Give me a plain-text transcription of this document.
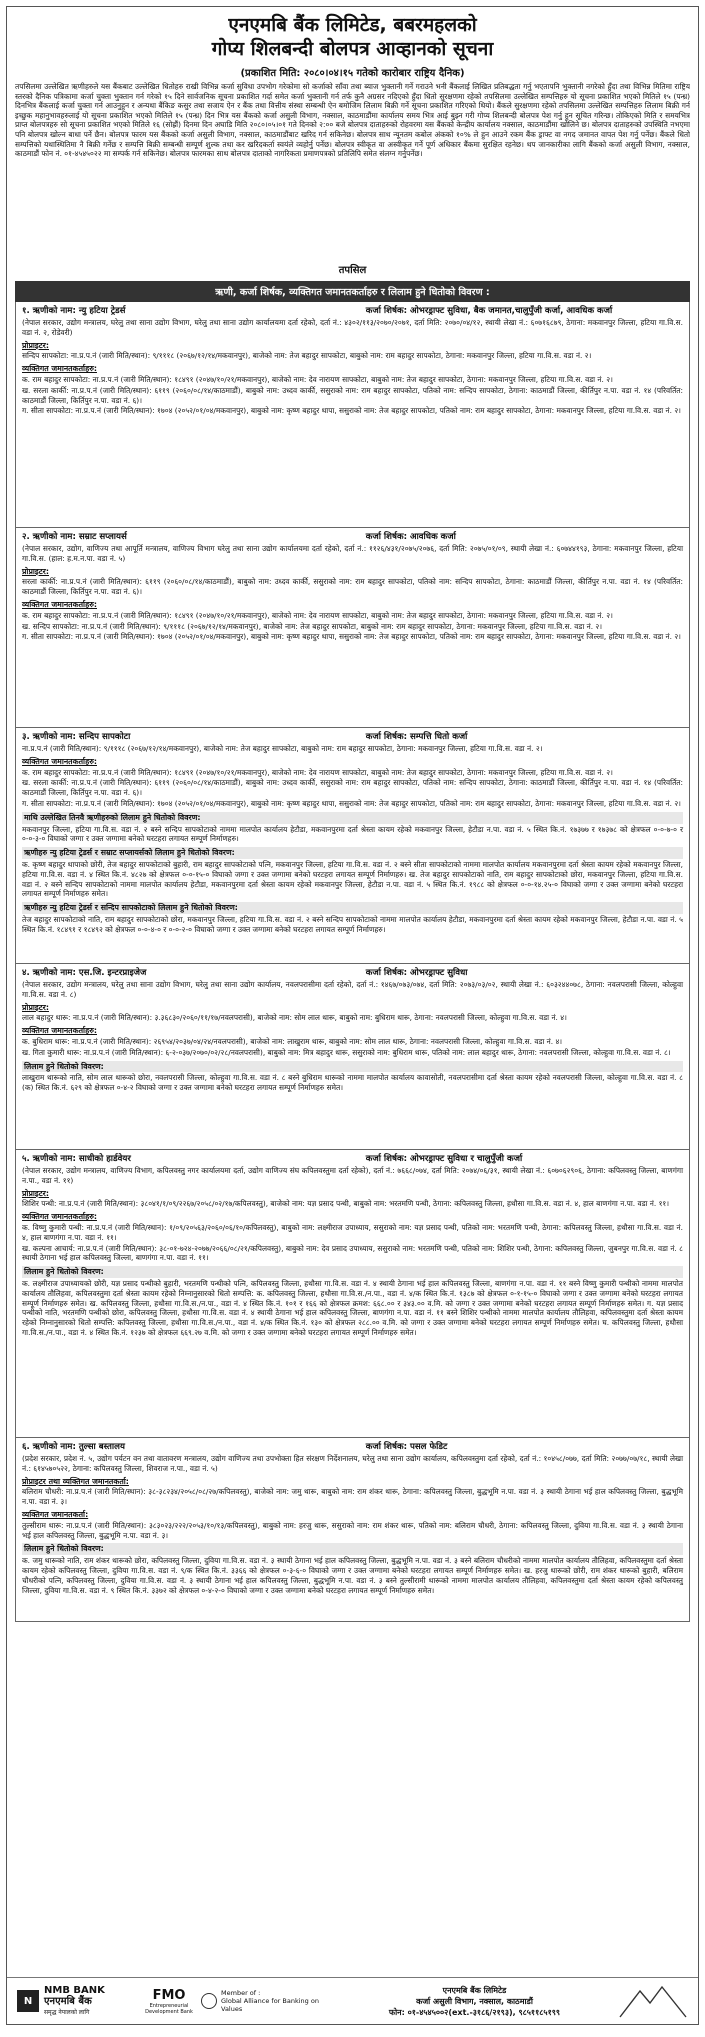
एनएमबि बैंक लिमिटेड, बबरमहलको
गोप्य शिलबन्दी बोलपत्र आव्हानको सूचना
(प्रकाशित मिति: २०८०।०४।१५ गतेको कारोबार राष्ट्रिय दैनिक)
तपसिलमा उल्लेखित ऋणीहरुले यस बैंकबाट उल्लेखित धितोहरु राखी विभिन्न कर्जा सुविधा उपभोग गरेकोमा सो कर्जाको साँवा तथा ब्याज भुक्तानी गर्ने गराउने भनी बैंकलाई लिखित प्रतिबद्धता गर्नु भएतापनि भुक्तानी नगरेको हुँदा तथा विभिन्न मितिमा राष्ट्रिय स्तरको दैनिक पत्रिकामा कर्जा चुक्ता भुक्तान गर्न गरेको १५ दिने सार्वजनिक सूचना प्रकाशित गर्दा समेत कर्जा भुक्तानी गर्न तर्फ कुनै अग्रसर नदिएको हुँदा धितो सुरक्षणमा रहेको तपसिलमा उल्लेखित सम्पत्तिहरु यो सूचना प्रकाशित भएको मितिले १५ (पन्ध्र) दिनभित्र बैंकलाई कर्जा चुक्ता गर्न आउनुहुन र अन्यथा बैंकिङ कसुर तथा सजाय ऐन र बैंक तथा वित्तीय संस्था सम्बन्धी ऐन बमोजिम लिलाम बिक्री गर्ने सूचना प्रकाशित गरिएको थियो। बैंकले सुरक्षणमा रहेको तपसिलमा उल्लेखित सम्पत्तिहरु लिलाम बिक्री गर्न इच्छुक महानुभावहरुलाई यो सूचना प्रकाशित भएको मितिले १५ (पन्ध्र) दिन भित्र यस बैंकको कर्जा असुली विभाग, नक्साल, काठमाडौंमा कार्यालय समय भित्र आई बुझ्न गरी गोप्य शिलबन्दी बोलपत्र पेश गर्नु हुन सूचित गरिन्छ। तोकिएको मिति र समयभित्र प्राप्त बोलपत्रहरु सो सूचना प्रकाशित भएको मितिले १६ (सोह्रौं) दिनमा दिन अघाडि मिति २०८०।०५।०१ गते दिनको २:०० बजे बोलपत्र दाताहरुको रोहवरमा यस बैंकको केन्द्रीय कार्यालय नक्साल, काठमाडौंमा खोलिने छ। बोलपत्र दाताहरुको उपस्थिति नभएमा पनि बोलपत्र खोल्न बाधा पर्ने छैन। बोलपत्र फारम यस बैंकको कर्जा असुली विभाग, नक्साल, काठमाडौंबाट खरिद गर्न सकिनेछ। बोलपत्र साथ न्यूनतम कबोल अंकको १०% ले हुन आउने रकम बैंक ड्राफ्ट वा नगद जमानत वापत पेश गर्नु पर्नेछ। बैंकले धितो सम्पत्तिको यथास्थितिमा नै बिक्री गर्नेछ र सम्पत्ति बिक्री सम्बन्धी सम्पूर्ण शुल्क तथा कर खरिदकर्ता स्वयंले व्यहोर्नु पर्नेछ। बोलपत्र स्वीकृत वा अस्वीकृत गर्ने पूर्ण अधिकार बैंकमा सुरक्षित रहनेछ। थप जानकारीका लागि बैंकको कर्जा असुली विभाग, नक्साल, काठमाडौं फोन नं. ०१-४५४५०२२ मा सम्पर्क गर्न सकिनेछ। बोलपत्र फारमका साथ बोलपत्र दाताको नागरिकता प्रमाणपत्रको प्रतिलिपि समेत संलग्न गर्नुपर्नेछ।
तपसिल
ऋणी, कर्जा शिर्षक, व्यक्तिगत जमानतकर्ताहरु र लिलाम हुने धितोको विवरण :
१. ऋणीको नाम: न्यु हटिया ट्रेडर्स	कर्जा शिर्षक: ओभरड्राफ्ट सुविधा, बैक जमानत,चालुपुँजी कर्जा, आवधिक कर्जा

(नेपाल सरकार, उद्योग मन्त्रालय, घरेलु तथा साना उद्योग विभाग, घरेलु तथा साना उद्योग कार्यालयमा दर्ता रहेको, दर्ता नं.: ४३०२/११३/२०७०/२०७१, दर्ता मिति: २०७०/०४/१२, स्थायी लेखा नं.: ६०७१६८७९, ठेगाना: मकवानपुर जिल्ला, हटिया गा.वि.स. वडा नं. २, रोडेवरी)

प्रोप्राइटर:

सन्दिप सापकोटा: ना.प्र.प.नं (जारी मिति/स्थान): ९/१११८ (२०६७/१२/१४/मकवानपुर), बाजेको नाम: तेज बहादुर सापकोटा, बाबुको नाम: राम बहादुर सापकोटा, ठेगाना: मकवानपुर जिल्ला, हटिया गा.वि.स. वडा नं. २।

व्यक्तिगत जमानतकर्ताहरु:

क. राम बहादुर सापकोटा: ना.प्र.प.नं (जारी मिति/स्थान): १८४९१ (२०४७/१०/२१/मकवानपुर), बाजेको नाम: देव नारायण सापकोटा, बाबुको नाम: तेज बहादुर सापकोटा, ठेगाना: मकवानपुर जिल्ला, हटिया गा.वि.स. वडा नं. २।

ख. सरला कार्की: ना.प्र.प.नं (जारी मिति/स्थान): ६११९ (२०६०/०८/१४/काठमाडौं), बाबुको नाम: उध्दव कार्की, ससुराको नाम: राम बहादुर सापकोटा, पतिको नाम: सन्दिप सापकोटा, ठेगाना: काठमाडौं जिल्ला, कीर्तिपुर न.पा. वडा नं. १४ (परिवर्तित: काठमाडौं जिल्ला, किर्तिपुर न.पा. वडा नं. ६)।

ग. सीता सापकोटा: ना.प्र.प.नं (जारी मिति/स्थान): १७०४ (२०५२/०१/०४/मकवानपुर), बाबुको नाम: कृष्ण बहादुर थापा, ससुराको नाम: तेज बहादुर सापकोटा, पतिको नाम: राम बहादुर सापकोटा, ठेगाना: मकवानपुर जिल्ला, हटिया गा.वि.स. वडा नं. २।

२. ऋणीको नाम: सम्राट सप्लायर्स	कर्जा शिर्षक: आवधिक कर्जा

(नेपाल सरकार, उद्योग, वाणिज्य तथा आपूर्ति मन्त्रालय, वाणिज्य विभाग घरेलु तथा साना उद्योग कार्यालयमा दर्ता रहेको, दर्ता नं.: ११२६/४३१/२०७५/२०७६, दर्ता मिति: २०७५/०१/०९, स्थायी लेखा नं.: ६०७४४१९३, ठेगाना: मकवानपुर जिल्ला, हटिया गा.वि.स. (हाल: ह.म.न.पा. वडा नं. ५)

प्रोप्राइटर:

सरला कार्की: ना.प्र.प.नं (जारी मिति/स्थान): ६११९ (२०६०/०८/१४/काठमाडौं), बाबुको नाम: उध्दव कार्की, ससुराको नाम: राम बहादुर सापकोटा, पतिको नाम: सन्दिप सापकोटा, ठेगाना: काठमाडौं जिल्ला, कीर्तिपुर न.पा. वडा नं. १४ (परिवर्तित: काठमाडौं जिल्ला, किर्तिपुर न.पा. वडा नं. ६)।

व्यक्तिगत जमानतकर्ताहरु:

क. राम बहादुर सापकोटा: ना.प्र.प.नं (जारी मिति/स्थान): १८४९१ (२०४७/१०/२१/मकवानपुर), बाजेको नाम: देव नारायण सापकोटा, बाबुको नाम: तेज बहादुर सापकोटा, ठेगाना: मकवानपुर जिल्ला, हटिया गा.वि.स. वडा नं. २।

ख. सन्दिप सापकोटा: ना.प्र.प.नं (जारी मिति/स्थान): ९/१११८ (२०६७/१२/१४/मकवानपुर), बाजेको नाम: तेज बहादुर सापकोटा, बाबुको नाम: राम बहादुर सापकोटा, ठेगाना: मकवानपुर जिल्ला, हटिया गा.वि.स. वडा नं. २।

ग. सीता सापकोटा: ना.प्र.प.नं (जारी मिति/स्थान): १७०४ (२०५२/०१/०४/मकवानपुर), बाबुको नाम: कृष्ण बहादुर थापा, ससुराको नाम: तेज बहादुर सापकोटा, पतिको नाम: राम बहादुर सापकोटा, ठेगाना: मकवानपुर जिल्ला, हटिया गा.वि.स. वडा नं. २।

३. ऋणीको नाम: सन्दिप सापकोटा	कर्जा शिर्षक: सम्पत्ति धितो कर्जा

ना.प्र.प.नं (जारी मिति/स्थान): ९/१११८ (२०६७/१२/१४/मकवानपुर), बाजेको नाम: तेज बहादुर सापकोटा, बाबुको नाम: राम बहादुर सापकोटा, ठेगाना: मकवानपुर जिल्ला, हटिया गा.वि.स. वडा नं. २।

व्यक्तिगत जमानतकर्ताहरु:

क. राम बहादुर सापकोटा: ना.प्र.प.नं (जारी मिति/स्थान): १८४९१ (२०४७/१०/२१/मकवानपुर), बाजेको नाम: देव नारायण सापकोटा, बाबुको नाम: तेज बहादुर सापकोटा, ठेगाना: मकवानपुर जिल्ला, हटिया गा.वि.स. वडा नं. २।

ख. सरला कार्की: ना.प्र.प.नं (जारी मिति/स्थान): ६११९ (२०६०/०८/१४/काठमाडौं), बाबुको नाम: उध्दव कार्की, ससुराको नाम: राम बहादुर सापकोटा, पतिको नाम: सन्दिप सापकोटा, ठेगाना: काठमाडौं जिल्ला, कीर्तिपुर न.पा. वडा नं. १४ (परिवर्तित: काठमाडौं जिल्ला, किर्तिपुर न.पा. वडा नं. ६)।

ग. सीता सापकोटा: ना.प्र.प.नं (जारी मिति/स्थान): १७०४ (२०५२/०१/०४/मकवानपुर), बाबुको नाम: कृष्ण बहादुर थापा, ससुराको नाम: तेज बहादुर सापकोटा, पतिको नाम: राम बहादुर सापकोटा, ठेगाना: मकवानपुर जिल्ला, हटिया गा.वि.स. वडा नं. २।

माथि उल्लेखित तिनवै ऋणीहरुको लिलाम हुने धितोको विवरण:

मकवानपुर जिल्ला, हटिया गा.वि.स. वडा नं. २ बस्ने सन्दिप सापकोटाको नाममा मालपोत कार्यालय हेटौडा, मकवानपुरमा दर्ता श्रेस्ता कायम रहेको मकवानपुर जिल्ला, हेटौडा न.पा. वडा नं. ५ स्थित कि.नं. १७३७७ र १७३७८ को क्षेत्रफल ०-०-७-० र ०-०-३-० विघाको जग्गा र उक्त जग्गामा बनेको घरटहरा लगायत सम्पूर्ण निर्माणहरु।

ऋणीहरु न्यु हटिया ट्रेडर्स र सम्राट सप्लायर्सको लिलाम हुने धितोको विवरण:

क. कृष्ण बहादुर थापाको छोरी, तेज बहादुर सापकोटाको बुहारी, राम बहादुर सापकोटाको पत्नि, मकवानपुर जिल्ला, हटिया गा.वि.स. वडा नं. २ बस्ने सीता सापकोटाको नाममा मालपोत कार्यालय मकवानपुरमा दर्ता श्रेस्ता कायम रहेको मकवानपुर जिल्ला, हटिया गा.वि.स. वडा नं. ४ स्थित कि.नं. ४८२७ को क्षेत्रफल ०-०-१५-० विघाको जग्गा र उक्त जग्गामा बनेको घरटहरा लगायत सम्पूर्ण निर्माणहरु। ख. तेज बहादुर सापकोटाको नाति, राम बहादुर सापकोटाको छोरा, मकवानपुर जिल्ला, हटिया गा.वि.स. वडा नं. २ बस्ने सन्दिप सापकोटाको नाममा मालपोत कार्यालय हेटौडा, मकवानपुरमा दर्ता श्रेस्ता कायम रहेको मकवानपुर जिल्ला, हेटौडा न.पा. वडा नं. ५ स्थित कि.नं. १९८८ को क्षेत्रफल ०-०-१४.२५-० विघाको जग्गा र उक्त जग्गामा बनेको घरटहरा लगायत सम्पूर्ण निर्माणहरु समेत।

ऋणीहरु न्यु हटिया ट्रेडर्स र सन्दिप सापकोटाको लिलाम हुने धितोको विवरण:

तेज बहादुर सापकोटाको नाति, राम बहादुर सापकोटाको छोरा, मकवानपुर जिल्ला, हटिया गा.वि.स. वडा नं. २ बस्ने सन्दिप सापकोटाको नाममा मालपोत कार्यालय हेटौडा, मकवानपुरमा दर्ता श्रेस्ता कायम रहेको मकवानपुर जिल्ला, हेटौडा न.पा. वडा नं. ५ स्थित कि.नं. १८४९१ र १८४९२ को क्षेत्रफल ०-०-४-० र ०-०-२-० विघाको जग्गा र उक्त जग्गामा बनेको घरटहरा लगायत सम्पूर्ण निर्माणहरु।

४. ऋणीको नाम: एस.जि. इन्टरप्राइजेज	कर्जा शिर्षक: ओभरड्राफ्ट सुविधा

(नेपाल सरकार, उद्योग मन्त्रालय, घरेलु तथा साना उद्योग विभाग, घरेलु तथा साना उद्योग कार्यालय, नवलपरासीमा दर्ता रहेको, दर्ता नं.: १४६७/०७३/०७४, दर्ता मिति: २०७३/०३/०२, स्थायी लेखा नं.: ६०३२४४०७८, ठेगाना: नवलपरासी जिल्ला, कोल्हुवा गा.वि.स. वडा नं. ८)

प्रोप्राइटर:

लाल बहादुर थारू: ना.प्र.प.नं (जारी मिति/स्थान): ३.३६८३०/२०६०/११/१७/नवलपरासी), बाजेको नाम: सोम लाल थारू, बाबुको नाम: बुधिराम थारू, ठेगाना: नवलपरासी जिल्ला, कोल्हुवा गा.वि.स. वडा नं. ४।

व्यक्तिगत जमानतकर्ताहरु:

क. बुधिराम थारू: ना.प्र.प.नं (जारी मिति/स्थान): २६९५४/२०३७/०४/२४/नवलपरासी), बाजेको नाम: लाखुराम थारू, बाबुको नाम: सोम लाल थारू, ठेगाना: नवलपरासी जिल्ला, कोल्हुवा गा.वि.स. वडा नं. ४।

ख. गिता कुमारी थारू: ना.प्र.प.नं (जारी मिति/स्थान): ६-२-०३७/२०७०/०२/२८/नवलपरासी), बाबुको नाम: मित्र बहादुर थारू, ससुराको नाम: बुधिराम थारू, पतिको नाम: लाल बहादुर थारू, ठेगाना: नवलपरासी जिल्ला, कोल्हुवा गा.वि.स. वडा नं. ८।

लिलाम हुने धितोको विवरण:

लाखुराम थारूको नाति, सोम लाल थारूको छोरा, नवलपरासी जिल्ला, कोल्हुवा गा.वि.स. वडा नं. ८ बस्ने बुधिराम थारूको नाममा मालपोत कार्यालय कावासोती, नवलपरासीमा दर्ता श्रेस्ता कायम रहेको नवलपरासी जिल्ला, कोल्हुवा गा.वि.स. वडा नं. ८ (क) स्थित कि.नं. ६२९ को क्षेत्रफल ०-४-२ विघाको जग्गा र उक्त जग्गामा बनेको घरटहरा लगायत सम्पूर्ण निर्माणहरु समेत।

५. ऋणीको नाम: साधीको हार्डवेयर	कर्जा शिर्षक: ओभरड्राफ्ट सुविधा र चालुपुँजी कर्जा

(नेपाल सरकार, उद्योग मन्त्रालय, वाणिज्य विभाग, कपिलवस्तु नगर कार्यालयमा दर्ता, उद्योग वाणिज्य संघ कपिलवस्तुमा दर्ता रहेको), दर्ता नं.: ७६६८/०७४, दर्ता मिति: २०७४/०६/३१, स्थायी लेखा नं.: ६०७०६२९०६, ठेगाना: कपिलवस्तु जिल्ला, बाणगंगा न.पा., वडा नं. ११)

प्रोप्राइटर:

शिशिर पन्थी: ना.प्र.प.नं (जारी मिति/स्थान): ३८०४१/१/०९/२२६७/२०५८/०२/१७/कपिलवस्तु), बाजेको नाम: यज्ञ प्रसाद पन्थी, बाबुको नाम: भरतमणि पन्थी, ठेगाना: कपिलवस्तु जिल्ला, हथौसा गा.वि.स. वडा नं. ४, हाल बाणगंगा न.पा. वडा नं. ११।

व्यक्तिगत जमानतकर्ताहरु:

क. विष्णु कुमारी पन्थी: ना.प्र.प.नं (जारी मिति/स्थान): १/०९/२०५६३/२०६०/०६/१०/कपिलवस्तु), बाबुको नाम: लक्ष्मीराज उपाध्याय, ससुराको नाम: यज्ञ प्रसाद पन्थी, पतिको नाम: भरतमणि पन्थी, ठेगाना: कपिलवस्तु जिल्ला, हथौसा गा.वि.स. वडा नं. ४, हाल बाणगंगा न.पा. वडा नं. ११।

ख. कल्पना आचार्य: ना.प्र.प.नं (जारी मिति/स्थान): ३८-०१-७२४-२०७७/२०६६/०८/२१/कपिलवस्तु), बाबुको नाम: देव प्रसाद उपाध्याय, ससुराको नाम: भरतमणि पन्थी, पतिको नाम: शिशिर पन्थी, ठेगाना: कपिलवस्तु जिल्ला, जुबनपुर गा.वि.स. वडा नं. ८ स्थायी ठेगाना भई हाल कपिलवस्तु जिल्ला, बाणगंगा न.पा. वडा नं. ११।

लिलाम हुने धितोको विवरण:

क. लक्ष्मीराज उपाध्यायको छोरी, यज्ञ प्रसाद पन्थीको बुहारी, भरतमणि पन्थीको पत्नि, कपिलवस्तु जिल्ला, हथौसा गा.वि.स. वडा नं. ४ स्थायी ठेगाना भई हाल कपिलवस्तु जिल्ला, बाणगंगा न.पा. वडा नं. ११ बस्ने विष्णु कुमारी पन्थीको नाममा मालपोत कार्यालय तौलिहवा, कपिलवस्तुमा दर्ता श्रेस्ता कायम रहेको निम्नानुसारको धितो सम्पत्ति: क. कपिलवस्तु जिल्ला, हथौसा गा.वि.स./न.पा., वडा नं. ४/क स्थित कि.नं. १३८७ को क्षेत्रफल ०-१-१५-० विघाको जग्गा र उक्त जग्गामा बनेको घरटहरा लगायत सम्पूर्ण निर्माणहरु समेत। ख. कपिलवस्तु जिल्ला, हथौसा गा.वि.स./न.पा., वडा नं. ४ स्थित कि.नं. १०१ र १६६ को क्षेत्रफल क्रमश: ६६८.०० र ३४३.०० व.मि. को जग्गा र उक्त जग्गामा बनेको घरटहरा लगायत सम्पूर्ण निर्माणहरु समेत। ग. यज्ञ प्रसाद पन्थीको नाति, भरतमणि पन्थीको छोरा, कपिलवस्तु जिल्ला, हथौसा गा.वि.स. वडा नं. ४ स्थायी ठेगाना भई हाल कपिलवस्तु जिल्ला, बाणगंगा न.पा. वडा नं. ११ बस्ने शिशिर पन्थीको नाममा मालपोत कार्यालय तौलिहवा, कपिलवस्तुमा दर्ता श्रेस्ता कायम रहेको निम्नानुसारको धितो सम्पत्ति: कपिलवस्तु जिल्ला, हथौसा गा.वि.स./न.पा., वडा नं. ४/क स्थित कि.नं. १३० को क्षेत्रफल २८८.०० व.मि. को जग्गा र उक्त जग्गामा बनेको घरटहरा लगायत सम्पूर्ण निर्माणहरु समेत। घ. कपिलवस्तु जिल्ला, हथौसा गा.वि.स./न.पा., वडा नं. ४ स्थित कि.नं. १२३७ को क्षेत्रफल ६६९.२७ व.मि. को जग्गा र उक्त जग्गामा बनेको घरटहरा लगायत सम्पूर्ण निर्माणहरु समेत।

६. ऋणीको नाम: तुल्सा बस्तालय	कर्जा शिर्षक: पसल फेडिट

(प्रदेश सरकार, प्रदेश नं. ५, उद्योग पर्यटन वन तथा वातावरण मन्त्रालय, उद्योग वाणिज्य तथा उपभोक्ता हित संरक्षण निर्देशनालय, घरेलु तथा साना उद्योग कार्यालय, कपिलवस्तुमा दर्ता रहेको, दर्ता नं.: १०४५८/०७७, दर्ता मिति: २०७७/०७/१८, स्थायी लेखा नं.: ६१४५७०५२२, ठेगाना: कपिलवस्तु जिल्ला, शिवराज न.पा., वडा नं. ५)

प्रोप्राइटर तथा व्यक्तिगत जमानतकर्ता:

बलिराम चौधरी: ना.प्र.प.नं (जारी मिति/स्थान): ३८-३८२३४/२०५८/०८/२७/कपिलवस्तु), बाजेको नाम: जमु थारू, बाबुको नाम: राम शंकर थारू, ठेगाना: कपिलवस्तु जिल्ला, बुद्धभूमि न.पा. वडा नं. ३ स्थायी ठेगाना भई हाल कपिलवस्तु जिल्ला, बुद्धभूमि न.पा. वडा नं. ३।

व्यक्तिगत जमानतकर्ता:

तुल्सीराम थारू: ना.प्र.प.नं (जारी मिति/स्थान): ३८३०२३/२२२/२०५३/१०/१३/कपिलवस्तु), बाबुको नाम: हरजु थारू, ससुराको नाम: राम शंकर थारू, पतिको नाम: बलिराम चौधरी, ठेगाना: कपिलवस्तु जिल्ला, दुविया गा.वि.स. वडा नं. ३ स्थायी ठेगाना भई हाल कपिलवस्तु जिल्ला, बुद्धभूमि न.पा. वडा नं. ३।

लिलाम हुने धितोको विवरण:

क. जमु थारूको नाति, राम शंकर थारूको छोरा, कपिलवस्तु जिल्ला, दुविया गा.वि.स. वडा नं. ३ स्थायी ठेगाना भई हाल कपिलवस्तु जिल्ला, बुद्धभूमि न.पा. वडा नं. ३ बस्ने बलिराम चौधरीको नाममा मालपोत कार्यालय तौलिहवा, कपिलवस्तुमा दर्ता श्रेस्ता कायम रहेको कपिलवस्तु जिल्ला, दुविया गा.वि.स. वडा नं. ९/क स्थित कि.नं. ३३६६ को क्षेत्रफल ०-३-६-० विघाको जग्गा र उक्त जग्गामा बनेको घरटहरा लगायत सम्पूर्ण निर्माणहरु समेत। ख. हरजु थारूको छोरी, राम शंकर थारूको बुहारी, बलिराम चौधरीको पत्नि, कपिलवस्तु जिल्ला, दुविया गा.वि.स. वडा नं. ३ स्थायी ठेगाना भई हाल कपिलवस्तु जिल्ला, बुद्धभूमि न.पा. वडा नं. ३ बस्ने तुल्सीरामी थारूको नाममा मालपोत कार्यालय तौलिहवा, कपिलवस्तुमा दर्ता श्रेस्ता कायम रहेको कपिलवस्तु जिल्ला, दुविया गा.वि.स. वडा नं. ९ स्थित कि.नं. ३३७२ को क्षेत्रफल ०-४-२-० विघाको जग्गा र उक्त जग्गामा बनेको घरटहरा लगायत सम्पूर्ण निर्माणहरु समेत।

N
NMB BANK
एनएमबि बैंक
समृद्ध नेपालको लागि
FMO
Entrepreneurial Development Bank
Member of :
Global Alliance for Banking on Values
एनएमबि बैंक लिमिटेड
कर्जा असुली विभाग, नक्साल, काठमाडौं
फोन: ०१-४५४५००२(ext.-३१८६/२१९३), ९८५११८५१९९
